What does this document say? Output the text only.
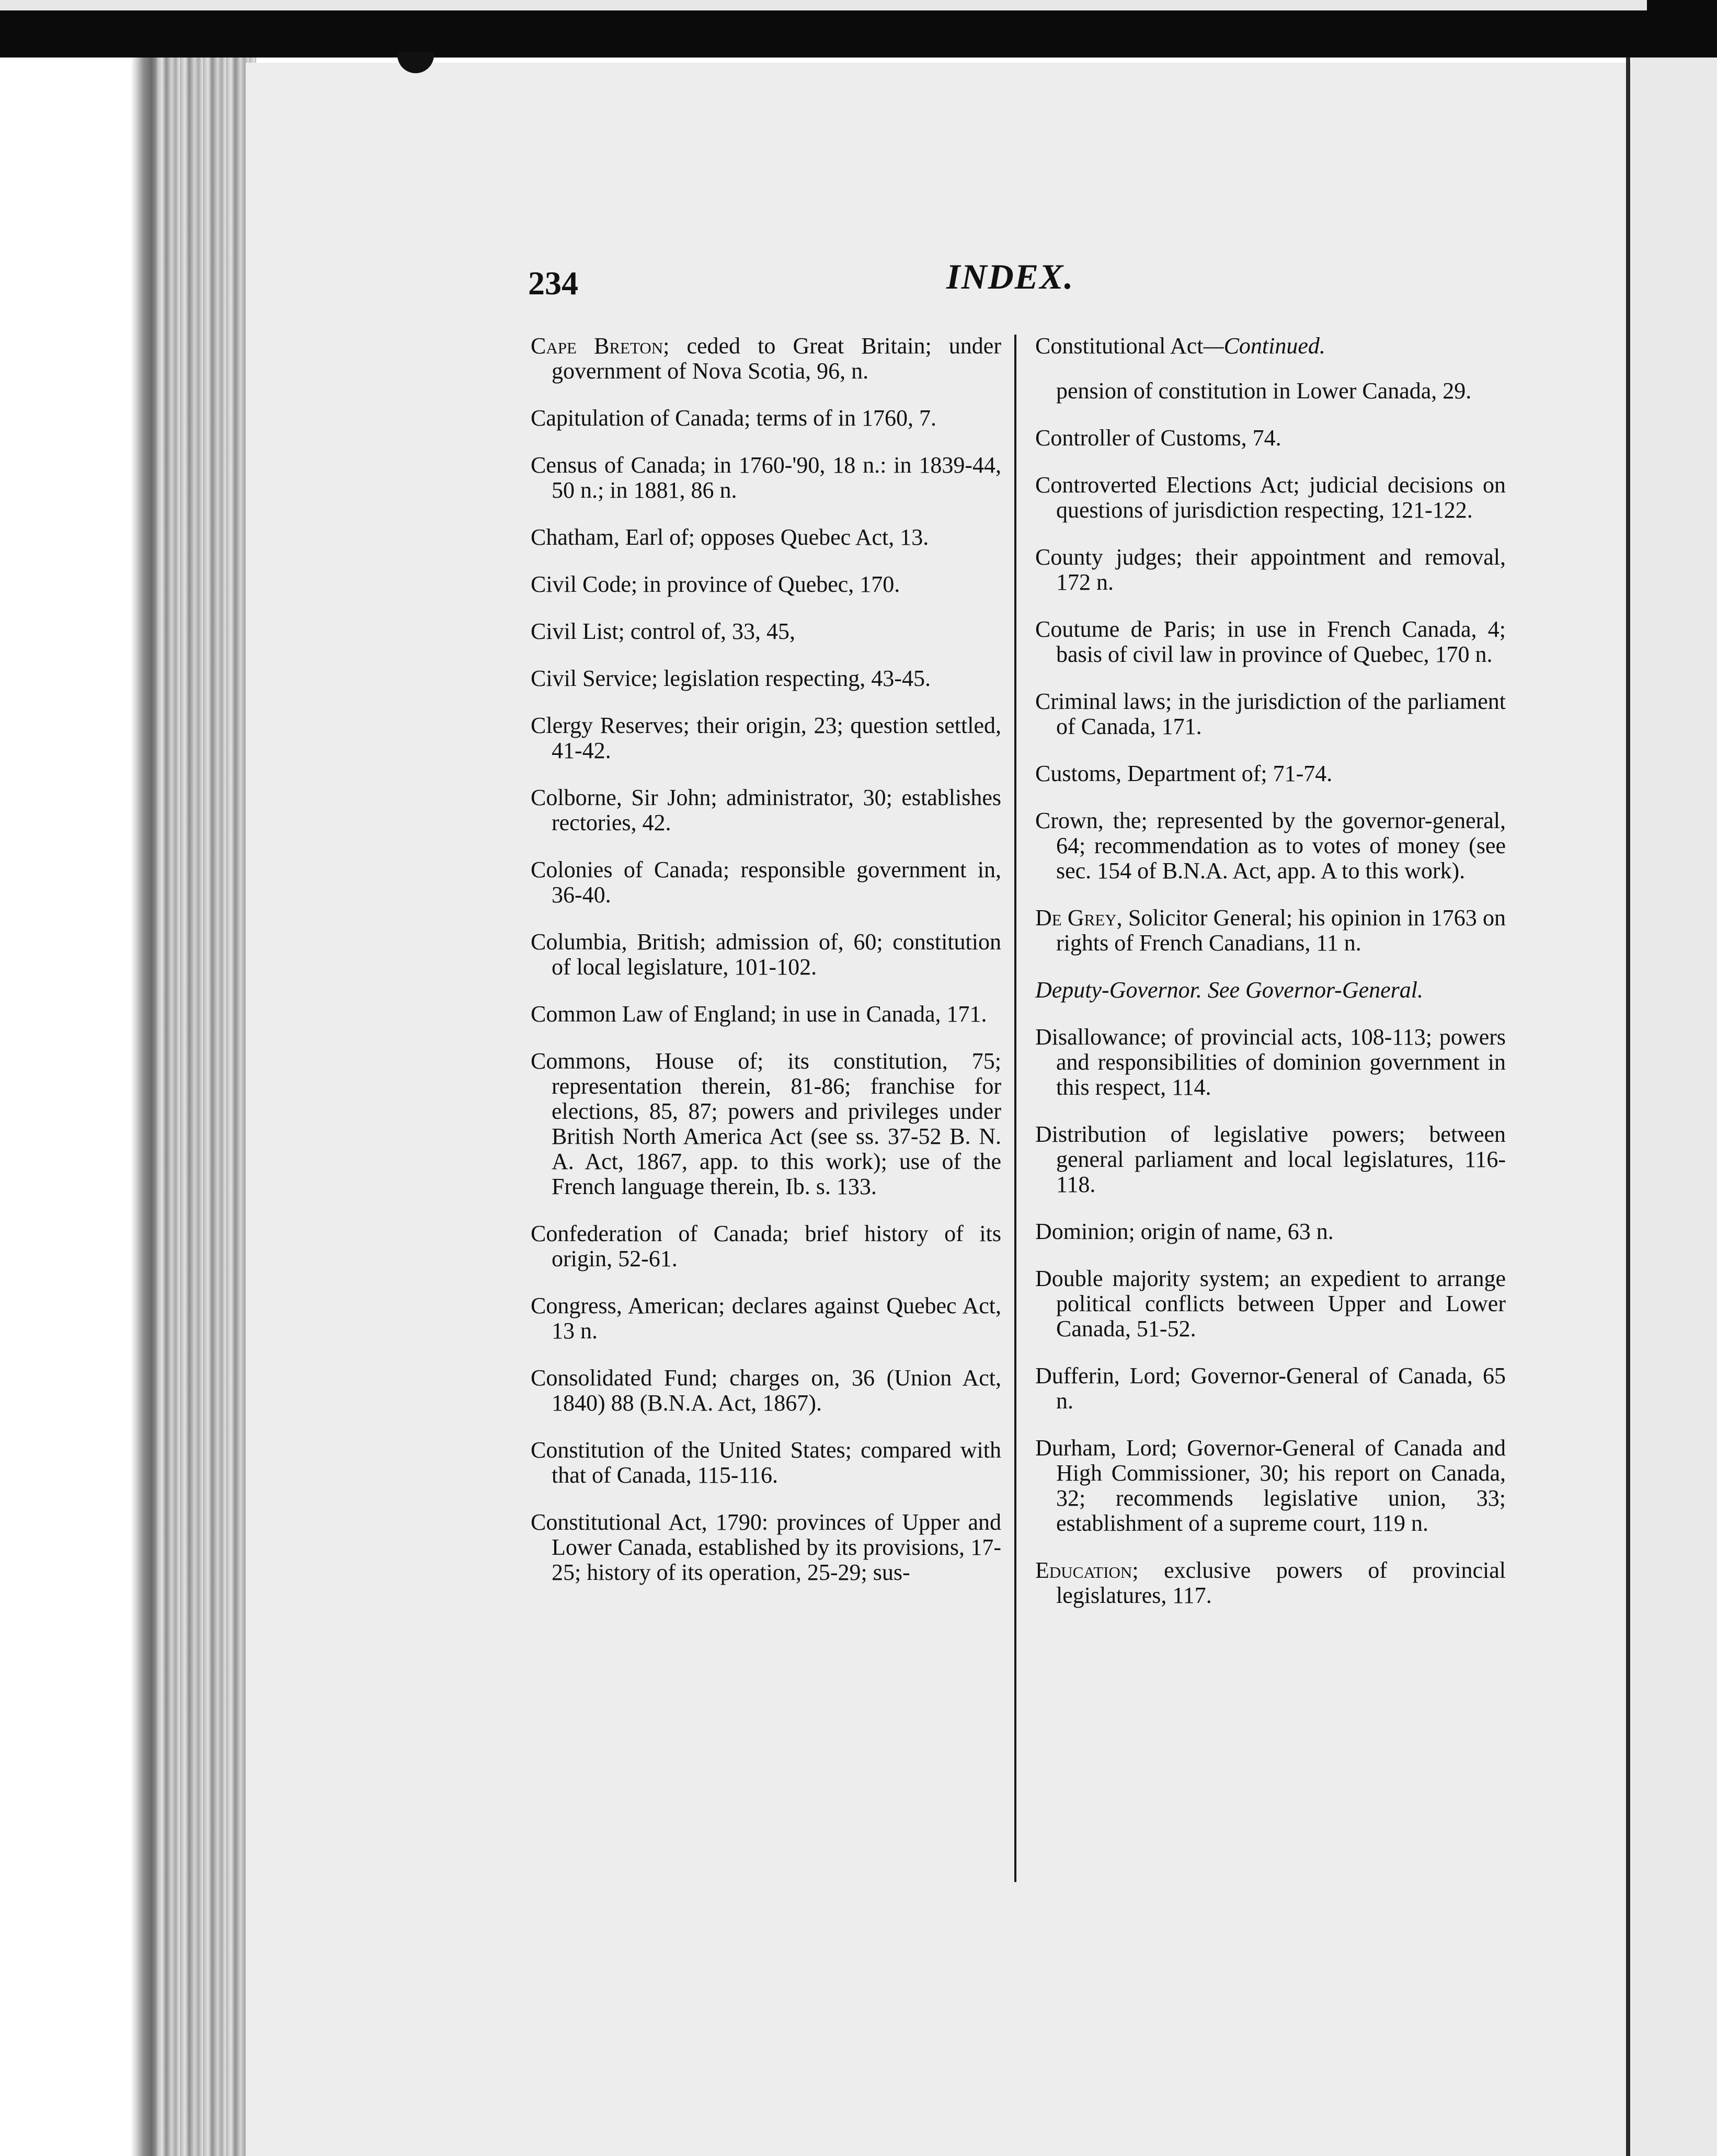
234	INDEX.
Cape Breton; ceded to Great Britain; under government of Nova Scotia, 96, n.
Capitulation of Canada; terms of in 1760, 7.
Census of Canada; in 1760-'90, 18 n.: in 1839-44, 50 n.; in 1881, 86 n.
Chatham, Earl of; opposes Quebec Act, 13.
Civil Code; in province of Quebec, 170.
Civil List; control of, 33, 45,
Civil Service; legislation respecting, 43-45.
Clergy Reserves; their origin, 23; question settled, 41-42.
Colborne, Sir John; administrator, 30; establishes rectories, 42.
Colonies of Canada; responsible government in, 36-40.
Columbia, British; admission of, 60; constitution of local legislature, 101-102.
Common Law of England; in use in Canada, 171.
Commons, House of; its constitution, 75; representation therein, 81-86; franchise for elections, 85, 87; powers and privileges under British North America Act (see ss. 37-52 B. N. A. Act, 1867, app. to this work); use of the French language therein, Ib. s. 133.
Confederation of Canada; brief history of its origin, 52-61.
Congress, American; declares against Quebec Act, 13 n.
Consolidated Fund; charges on, 36 (Union Act, 1840) 88 (B.N.A. Act, 1867).
Constitution of the United States; compared with that of Canada, 115-116.
Constitutional Act, 1790: provinces of Upper and Lower Canada, established by its provisions, 17-25; history of its operation, 25-29; sus-
Constitutional Act—Continued.
pension of constitution in Lower Canada, 29.
Controller of Customs, 74.
Controverted Elections Act; judicial decisions on questions of jurisdiction respecting, 121-122.
County judges; their appointment and removal, 172 n.
Coutume de Paris; in use in French Canada, 4; basis of civil law in province of Quebec, 170 n.
Criminal laws; in the jurisdiction of the parliament of Canada, 171.
Customs, Department of; 71-74.
Crown, the; represented by the governor-general, 64; recommendation as to votes of money (see sec. 154 of B.N.A. Act, app. A to this work).
De Grey, Solicitor General; his opinion in 1763 on rights of French Canadians, 11 n.
Deputy-Governor. See Governor-General.
Disallowance; of provincial acts, 108-113; powers and responsibilities of dominion government in this respect, 114.
Distribution of legislative powers; between general parliament and local legislatures, 116-118.
Dominion; origin of name, 63 n.
Double majority system; an expedient to arrange political conflicts between Upper and Lower Canada, 51-52.
Dufferin, Lord; Governor-General of Canada, 65 n.
Durham, Lord; Governor-General of Canada and High Commissioner, 30; his report on Canada, 32; recommends legislative union, 33; establishment of a supreme court, 119 n.
Education; exclusive powers of provincial legislatures, 117.
